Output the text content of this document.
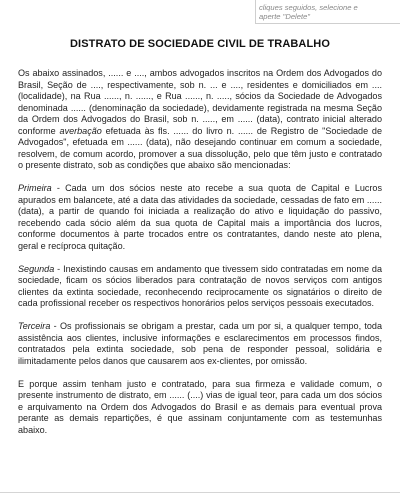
cliques seguidos, selecione e
aperte "Delete"
DISTRATO DE SOCIEDADE CIVIL DE TRABALHO

Os abaixo assinados, ...... e ...., ambos advogados inscritos na Ordem dos Advogados do Brasil, Seção de ...., respectivamente, sob n. ... e ...., residentes e domiciliados em .... (localidade), na Rua ......, n. ......, e Rua ......, n. ....., sócios da Sociedade de Advogados denominada ...... (denominação da sociedade), devidamente registrada na mesma Seção da Ordem dos Advogados do Brasil, sob n. ....., em ...... (data), contrato inicial alterado conforme averbação efetuada às fls. ...... do livro n. ...... de Registro de "Sociedade de Advogados", efetuada em ...... (data), não desejando continuar em comum a sociedade, resolvem, de comum acordo, promover a sua dissolução, pelo que têm justo e contratado o presente distrato, sob as condições que abaixo são mencionadas:

Primeira - Cada um dos sócios neste ato recebe a sua quota de Capital e Lucros apurados em balancete, até a data das atividades da sociedade, cessadas de fato em ...... (data), a partir de quando foi iniciada a realização do ativo e liquidação do passivo, recebendo cada sócio além da sua quota de Capital mais a importância dos lucros, conforme documentos à parte trocados entre os contratantes, dando neste ato plena, geral e recíproca quitação.

Segunda - Inexistindo causas em andamento que tivessem sido contratadas em nome da sociedade, ficam os sócios liberados para contratação de novos serviços com antigos clientes da extinta sociedade, reconhecendo reciprocamente os signatários o direito de cada profissional receber os respectivos honorários pelos serviços pessoais executados.

Terceira - Os profissionais se obrigam a prestar, cada um por si, a qualquer tempo, toda assistência aos clientes, inclusive informações e esclarecimentos em processos findos, contratados pela extinta sociedade, sob pena de responder pessoal, solidária e ilimitadamente pelos danos que causarem aos ex-clientes, por omissão.

E porque assim tenham justo e contratado, para sua firmeza e validade comum, o presente instrumento de distrato, em ...... (....) vias de igual teor, para cada um dos sócios e arquivamento na Ordem dos Advogados do Brasil e as demais para eventual prova perante as demais repartições, é que assinam conjuntamente com as testemunhas abaixo.
